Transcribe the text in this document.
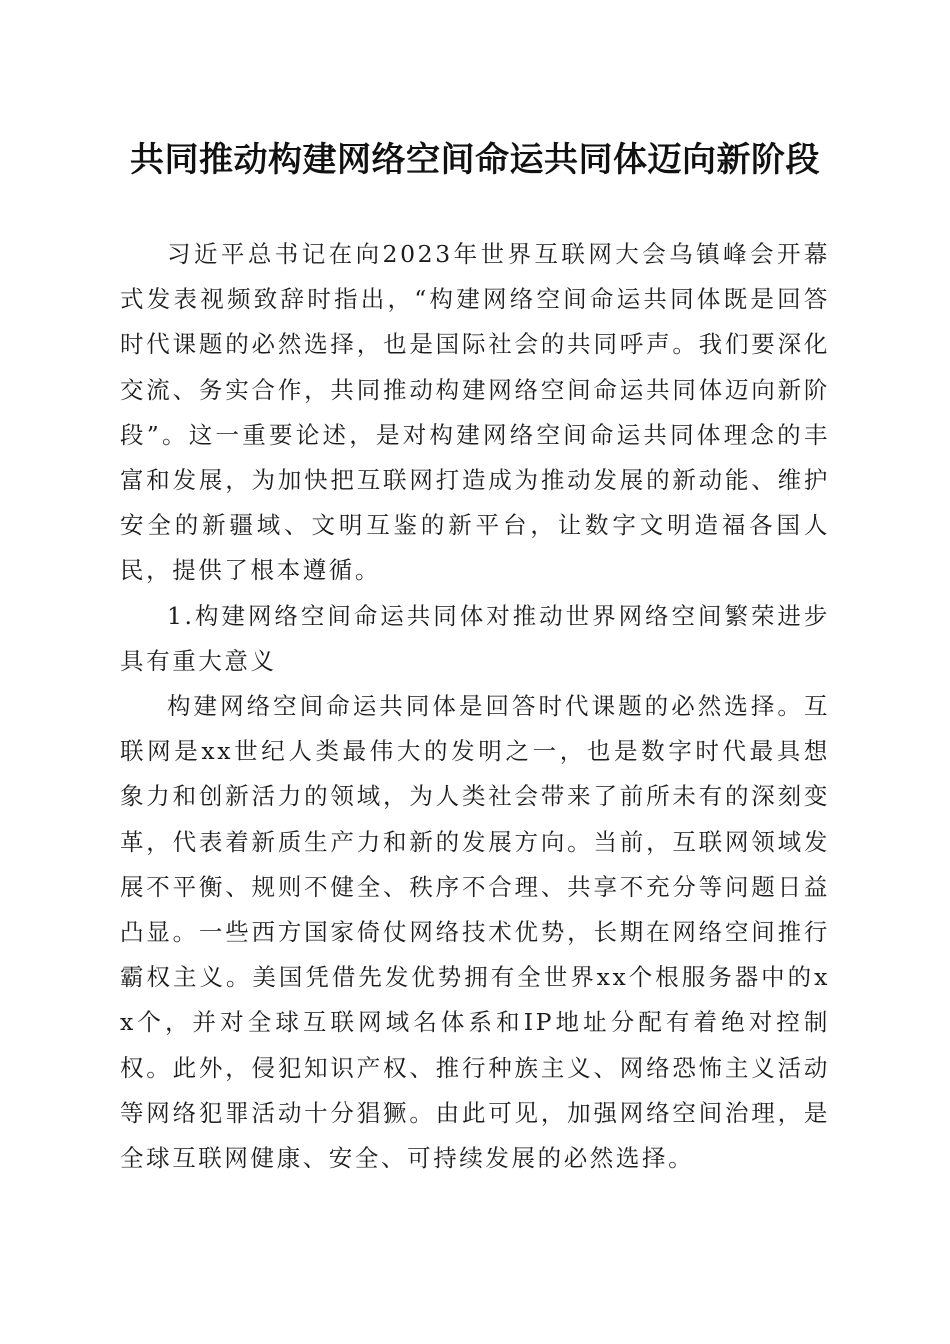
共同推动构建网络空间命运共同体迈向新阶段

习近平总书记在向2023年世界互联网大会乌镇峰会开幕式发表视频致辞时指出，“构建网络空间命运共同体既是回答时代课题的必然选择，也是国际社会的共同呼声。我们要深化交流、务实合作，共同推动构建网络空间命运共同体迈向新阶段”。这一重要论述，是对构建网络空间命运共同体理念的丰富和发展，为加快把互联网打造成为推动发展的新动能、维护安全的新疆域、文明互鉴的新平台，让数字文明造福各国人民，提供了根本遵循。

1.构建网络空间命运共同体对推动世界网络空间繁荣进步具有重大意义

构建网络空间命运共同体是回答时代课题的必然选择。互联网是xx世纪人类最伟大的发明之一，也是数字时代最具想象力和创新活力的领域，为人类社会带来了前所未有的深刻变革，代表着新质生产力和新的发展方向。当前，互联网领域发展不平衡、规则不健全、秩序不合理、共享不充分等问题日益凸显。一些西方国家倚仗网络技术优势，长期在网络空间推行霸权主义。美国凭借先发优势拥有全世界xx个根服务器中的xx个，并对全球互联网域名体系和IP地址分配有着绝对控制权。此外，侵犯知识产权、推行种族主义、网络恐怖主义活动等网络犯罪活动十分猖獗。由此可见，加强网络空间治理，是全球互联网健康、安全、可持续发展的必然选择。
